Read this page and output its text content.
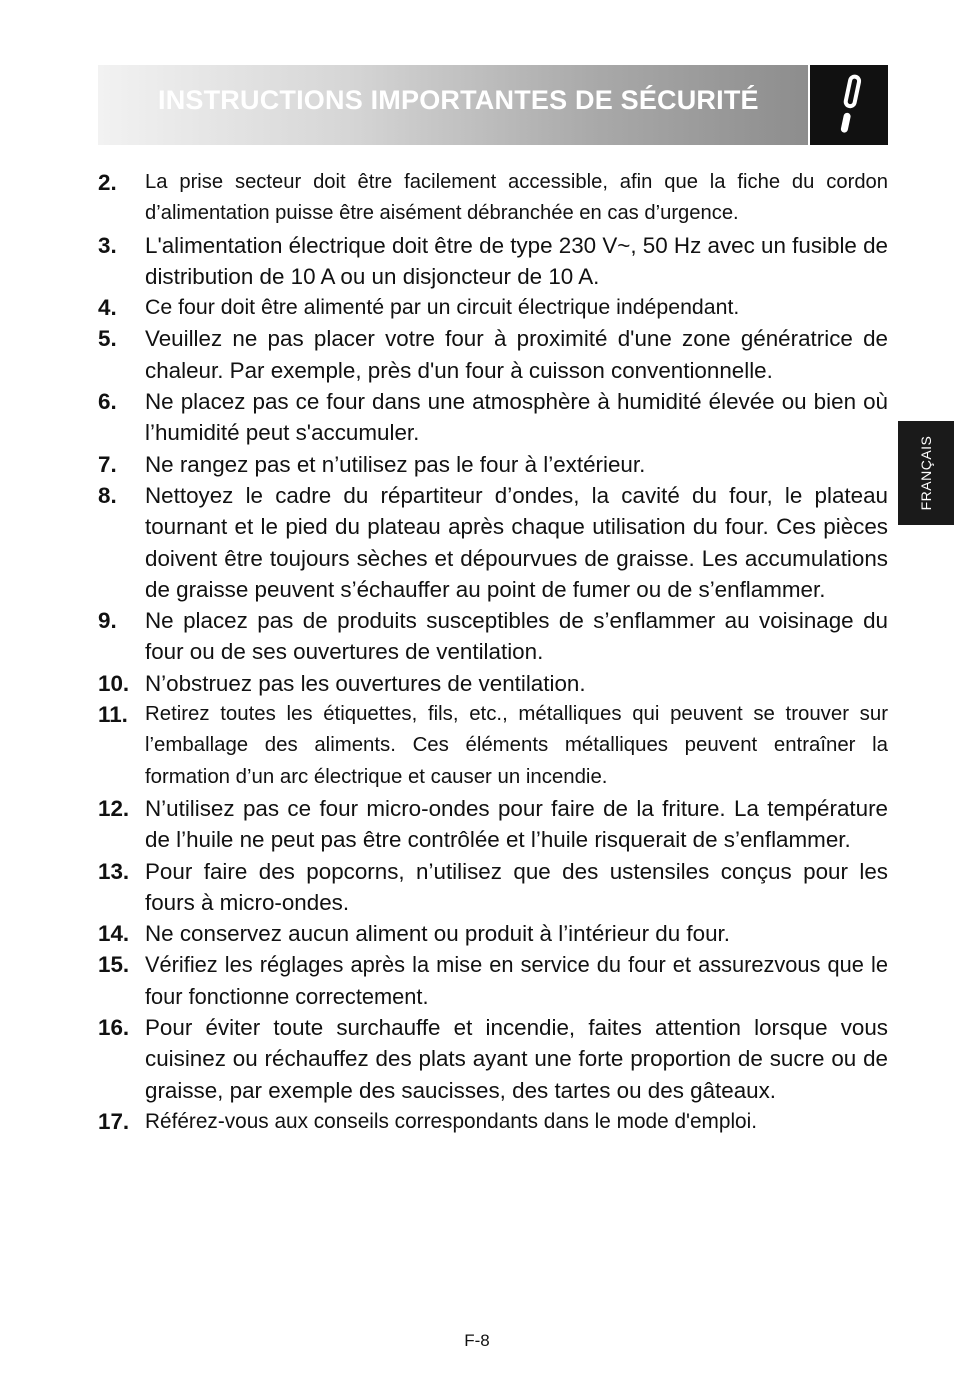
INSTRUCTIONS IMPORTANTES DE SÉCURITÉ
FRANÇAIS
2. La prise secteur doit être facilement accessible, afin que la fiche du cordon d’alimentation puisse être aisément débranchée en cas d’urgence.
3. L'alimentation électrique doit être de type 230 V~, 50 Hz avec un fusible de distribution de 10 A ou un disjoncteur de 10 A.
4. Ce four doit être alimenté par un circuit électrique indépendant.
5. Veuillez ne pas placer votre four à proximité d'une zone génératrice de chaleur. Par exemple, près d'un four à cuisson conventionnelle.
6. Ne placez pas ce four dans une atmosphère à humidité élevée ou bien où l’humidité peut s'accumuler.
7. Ne rangez pas et n’utilisez pas le four à l’extérieur.
8. Nettoyez le cadre du répartiteur d’ondes, la cavité du four, le plateau tournant et le pied du plateau après chaque utilisation du four. Ces pièces doivent être toujours sèches et dépourvues de graisse. Les accumulations de graisse peuvent s’échauffer au point de fumer ou de s’enflammer.
9. Ne placez pas de produits susceptibles de s’enflammer au voisinage du four ou de ses ouvertures de ventilation.
10. N’obstruez pas les ouvertures de ventilation.
11. Retirez toutes les étiquettes, fils, etc., métalliques qui peuvent se trouver sur l’emballage des aliments. Ces éléments métalliques peuvent entraîner la formation d’un arc électrique et causer un incendie.
12. N’utilisez pas ce four micro-ondes pour faire de la friture. La température de l’huile ne peut pas être contrôlée et l’huile risquerait de s’enflammer.
13. Pour faire des popcorns, n’utilisez que des ustensiles conçus pour les fours à micro-ondes.
14. Ne conservez aucun aliment ou produit à l’intérieur du four.
15. Vérifiez les réglages après la mise en service du four et assurezvous que le four fonctionne correctement.
16. Pour éviter toute surchauffe et incendie, faites attention lorsque vous cuisinez ou réchauffez des plats ayant une forte proportion de sucre ou de graisse, par exemple des saucisses, des tartes ou des gâteaux.
17. Référez-vous aux conseils correspondants dans le mode d'emploi.
F-8
